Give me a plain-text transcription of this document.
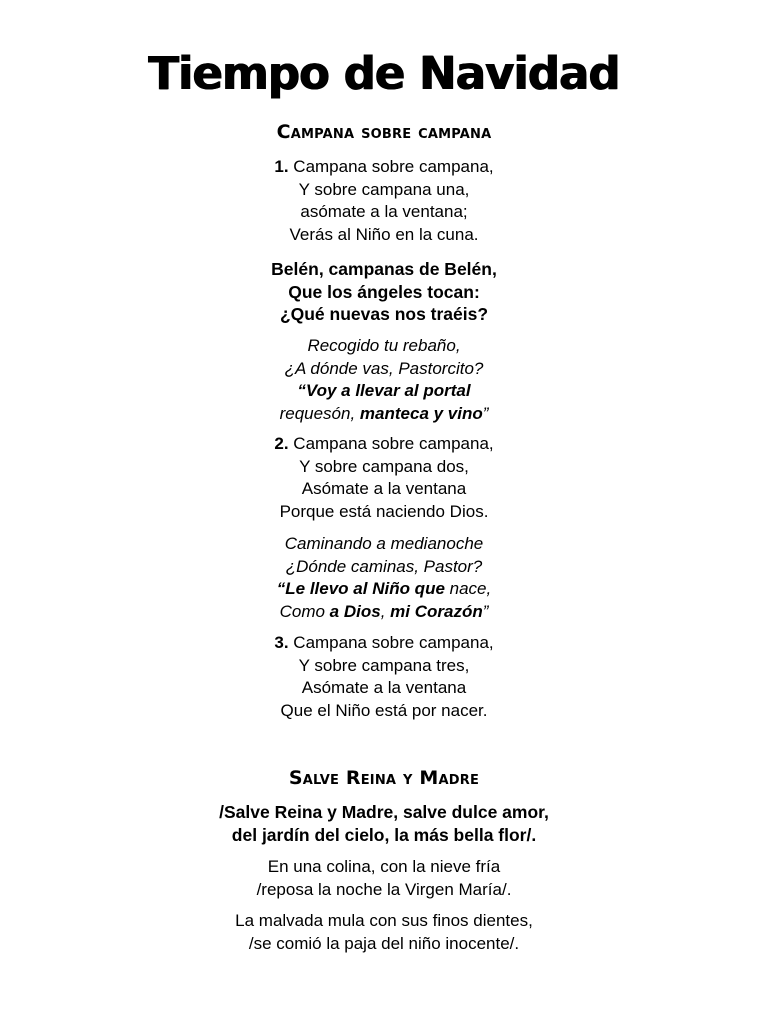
Tiempo de Navidad
Campana sobre campana
1. Campana sobre campana,
Y sobre campana una,
asómate a la ventana;
Verás al Niño en la cuna.
Belén, campanas de Belén,
Que los ángeles tocan:
¿Qué nuevas nos traéis?
Recogido tu rebaño,
¿A dónde vas, Pastorcito?
“Voy a llevar al portal
requesón, manteca y vino”
2. Campana sobre campana,
Y sobre campana dos,
Asómate a la ventana
Porque está naciendo Dios.
Caminando a medianoche
¿Dónde caminas, Pastor?
“Le llevo al Niño que nace,
Como a Dios, mi Corazón”
3. Campana sobre campana,
Y sobre campana tres,
Asómate a la ventana
Que el Niño está por nacer.
Salve Reina y Madre
/Salve Reina y Madre, salve dulce amor,
del jardín del cielo, la más bella flor/.
En una colina, con la nieve fría
/reposa la noche la Virgen María/.
La malvada mula con sus finos dientes,
/se comió la paja del niño inocente/.
